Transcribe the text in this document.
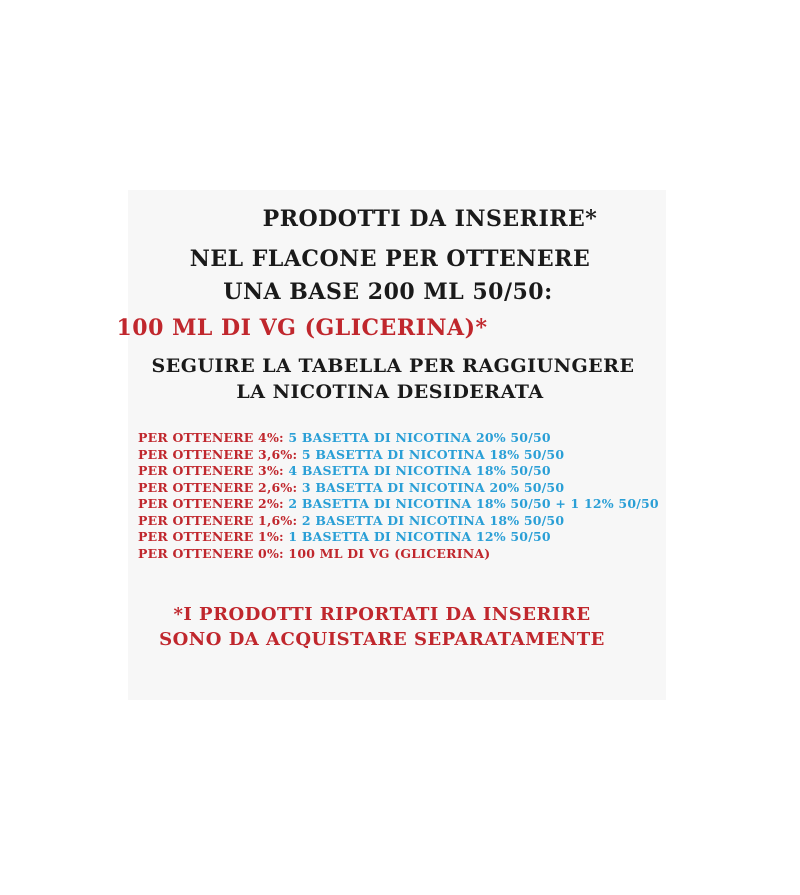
PRODOTTI DA INSERIRE*
NEL FLACONE PER OTTENERE
UNA BASE 200 ML 50/50:
100 ML DI VG (GLICERINA)*
SEGUIRE LA TABELLA PER RAGGIUNGERE
LA NICOTINA DESIDERATA
PER OTTENERE 4%: 5 BASETTA DI NICOTINA 20% 50/50
PER OTTENERE 3,6%: 5 BASETTA DI NICOTINA 18% 50/50
PER OTTENERE 3%: 4 BASETTA DI NICOTINA 18% 50/50
PER OTTENERE 2,6%: 3 BASETTA DI NICOTINA 20% 50/50
PER OTTENERE 2%: 2 BASETTA DI NICOTINA 18% 50/50 + 1 12% 50/50
PER OTTENERE 1,6%: 2 BASETTA DI NICOTINA 18% 50/50
PER OTTENERE 1%: 1 BASETTA DI NICOTINA 12% 50/50
PER OTTENERE 0%: 100 ML DI VG (GLICERINA)
*I PRODOTTI RIPORTATI DA INSERIRE
SONO DA ACQUISTARE SEPARATAMENTE
